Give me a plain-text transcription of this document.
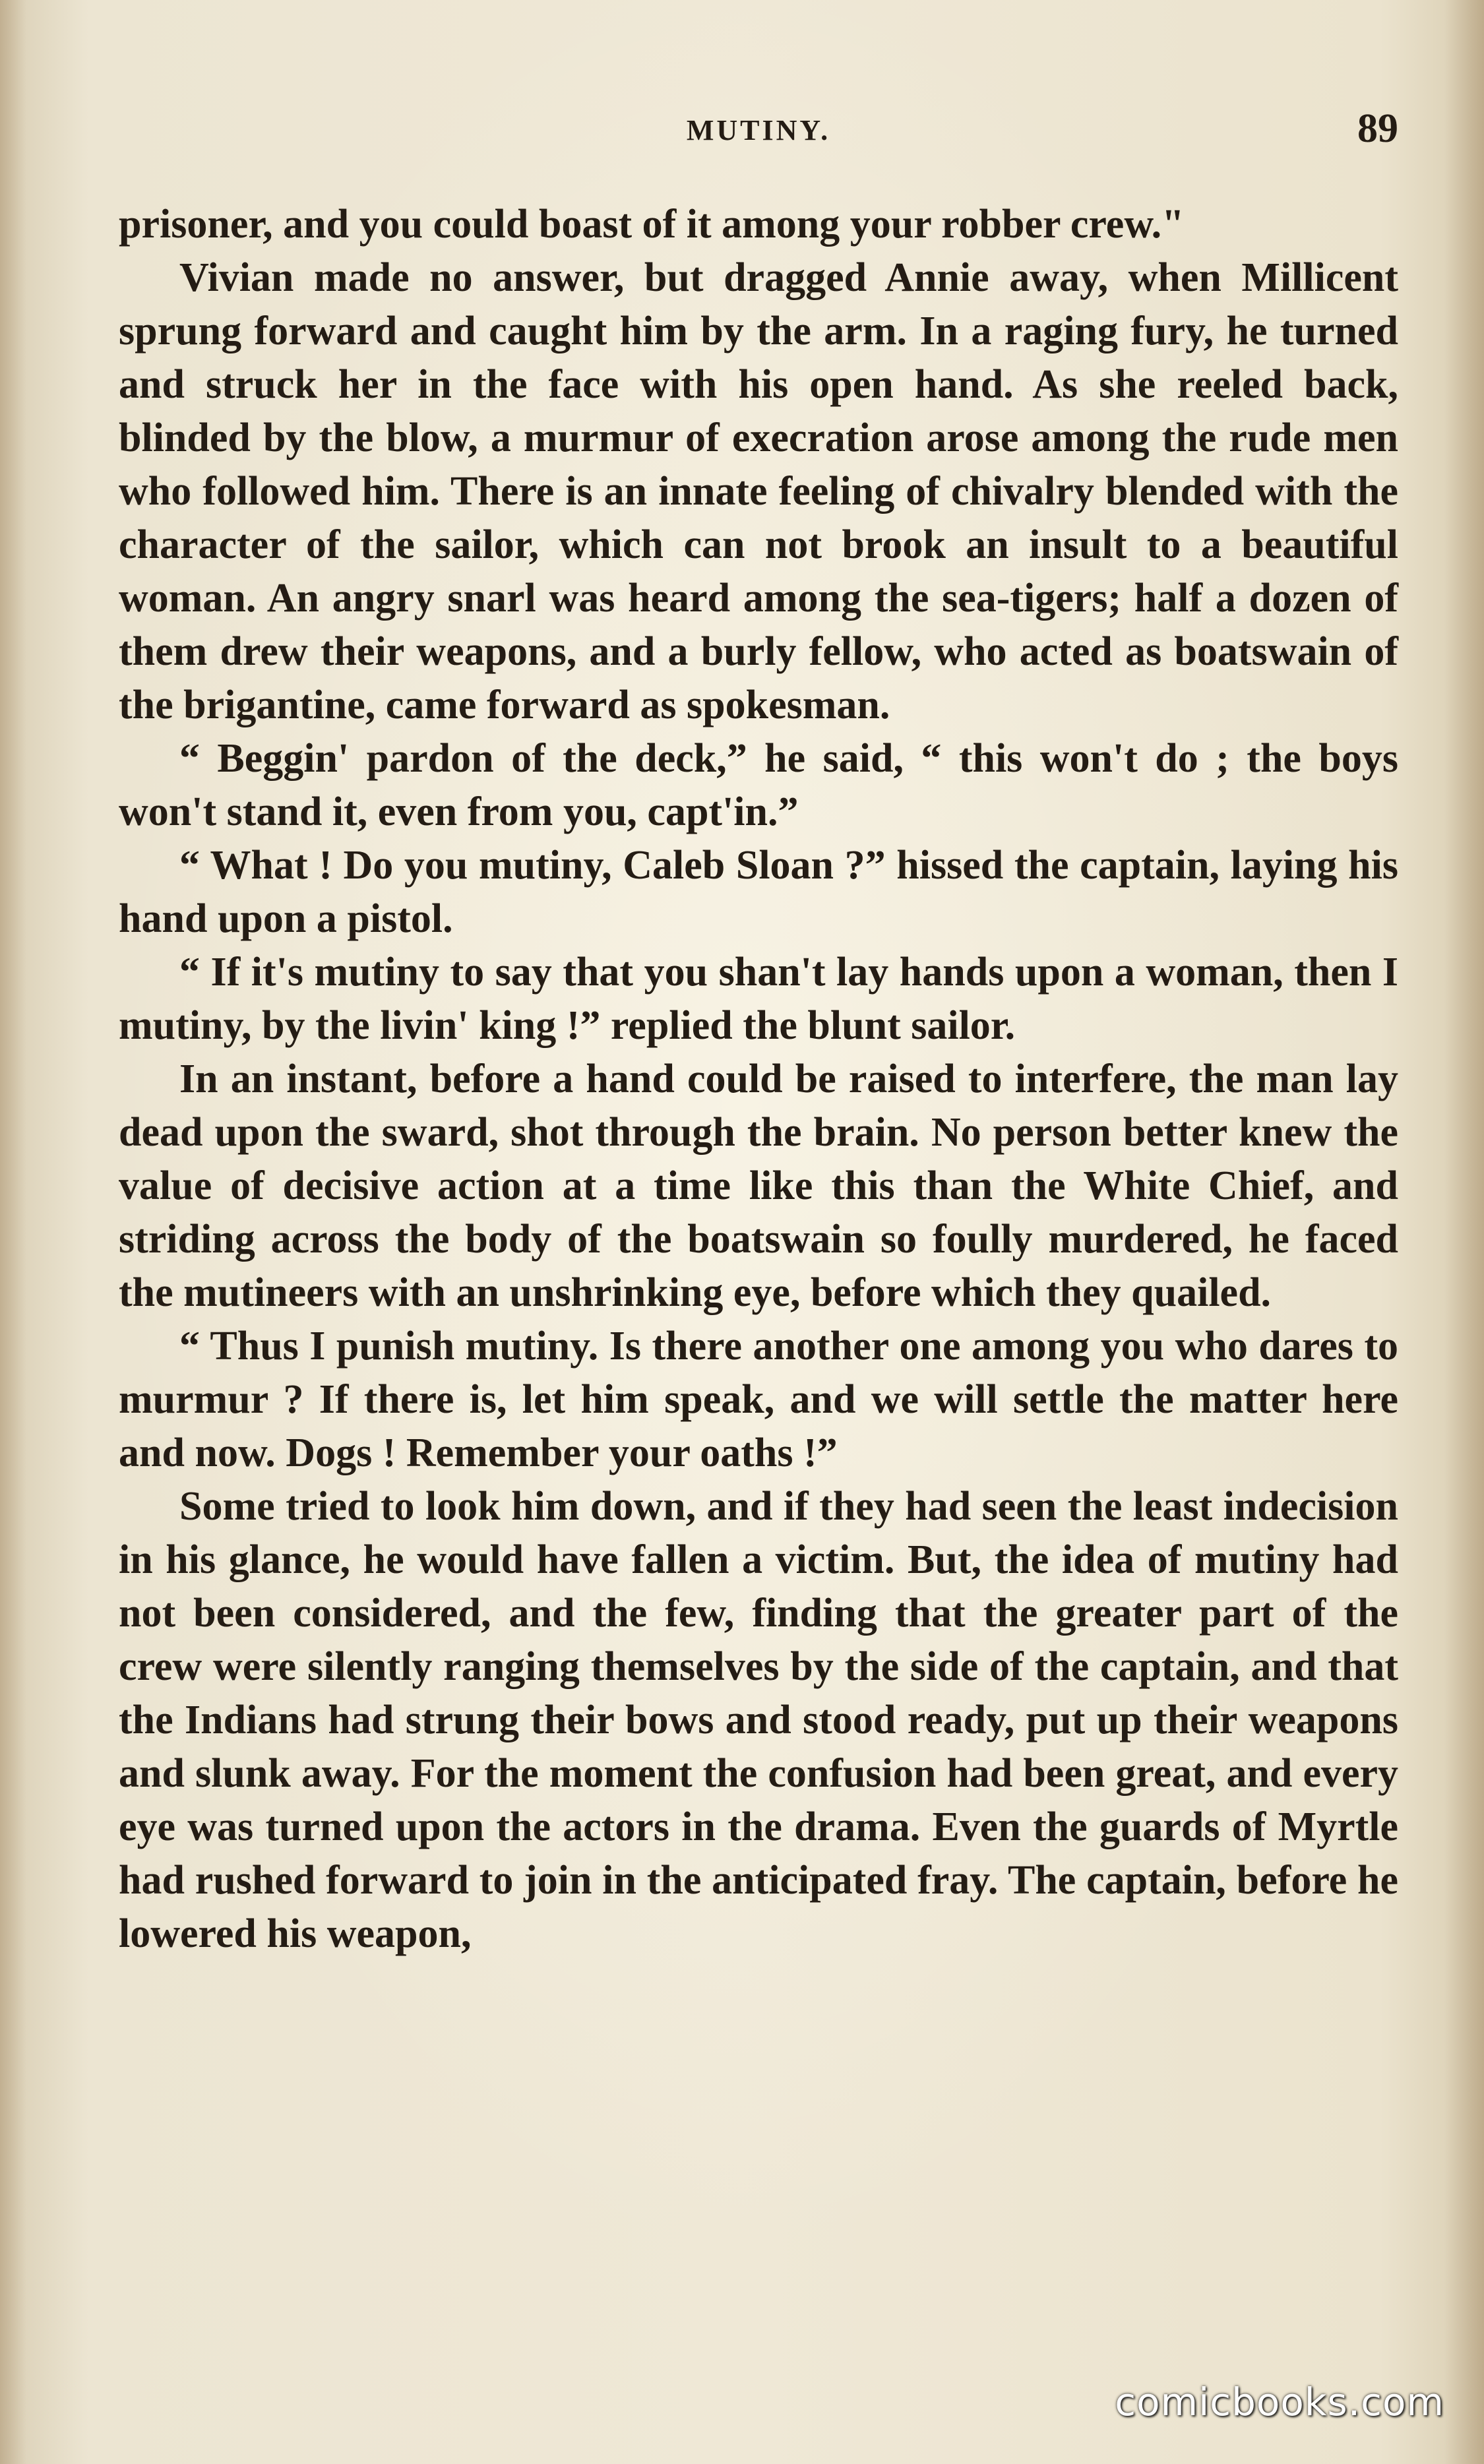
MUTINY.	89

prisoner, and you could boast of it among your robber crew."

Vivian made no answer, but dragged Annie away, when Millicent sprung forward and caught him by the arm. In a raging fury, he turned and struck her in the face with his open hand. As she reeled back, blinded by the blow, a murmur of execration arose among the rude men who followed him. There is an innate feeling of chivalry blended with the character of the sailor, which can not brook an insult to a beautiful woman. An angry snarl was heard among the sea-tigers; half a dozen of them drew their weapons, and a burly fellow, who acted as boatswain of the brigantine, came forward as spokesman.

“ Beggin' pardon of the deck,” he said, “ this won't do ; the boys won't stand it, even from you, capt'in.”

“ What ! Do you mutiny, Caleb Sloan ?” hissed the captain, laying his hand upon a pistol.

“ If it's mutiny to say that you shan't lay hands upon a woman, then I mutiny, by the livin' king !” replied the blunt sailor.

In an instant, before a hand could be raised to interfere, the man lay dead upon the sward, shot through the brain. No person better knew the value of decisive action at a time like this than the White Chief, and striding across the body of the boatswain so foully murdered, he faced the mutineers with an unshrinking eye, before which they quailed.

“ Thus I punish mutiny. Is there another one among you who dares to murmur ? If there is, let him speak, and we will settle the matter here and now. Dogs ! Remember your oaths !”

Some tried to look him down, and if they had seen the least indecision in his glance, he would have fallen a victim. But, the idea of mutiny had not been considered, and the few, finding that the greater part of the crew were silently ranging themselves by the side of the captain, and that the Indians had strung their bows and stood ready, put up their weapons and slunk away. For the moment the confusion had been great, and every eye was turned upon the actors in the drama. Even the guards of Myrtle had rushed forward to join in the anticipated fray. The captain, before he lowered his weapon,

comicbooks.com
